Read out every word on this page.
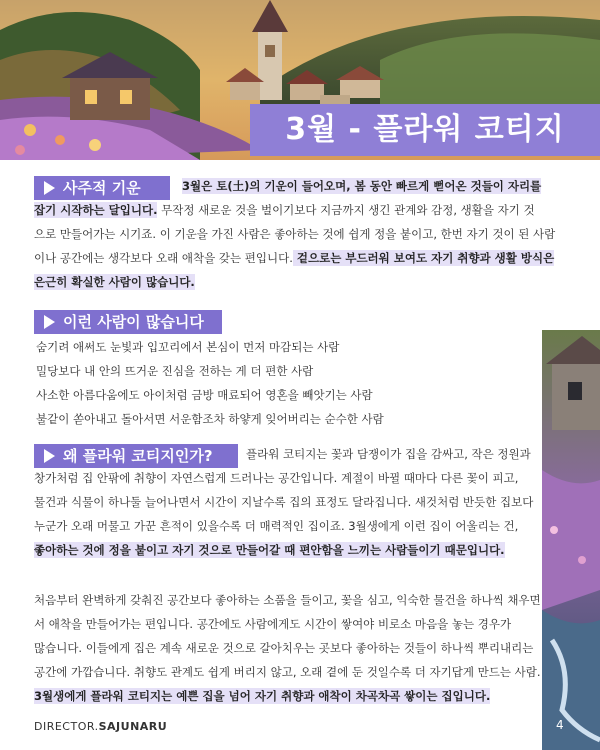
3월 - 플라워 코티지
사주적 기운	3월은 토(土)의 기운이 들어오며, 봄 동안 빠르게 뻗어온 것들이 자리를
잡기 시작하는 달입니다. 무작정 새로운 것을 벌이기보다 지금까지 생긴 관계와 감정, 생활을 자기 것
으로 만들어가는 시기죠. 이 기운을 가진 사람은 좋아하는 것에 쉽게 정을 붙이고, 한번 자기 것이 된 사람
이나 공간에는 생각보다 오래 애착을 갖는 편입니다. 겉으로는 부드러워 보여도 자기 취향과 생활 방식은
은근히 확실한 사람이 많습니다.
이런 사람이 많습니다
숨기려 애써도 눈빛과 입꼬리에서 본심이 먼저 마감되는 사람
밀당보다 내 안의 뜨거운 진심을 전하는 게 더 편한 사람
사소한 아름다움에도 아이처럼 금방 매료되어 영혼을 빼앗기는 사람
불같이 쏟아내고 돌아서면 서운함조차 하얗게 잊어버리는 순수한 사람
왜 플라워 코티지인가?	플라워 코티지는 꽃과 담쟁이가 집을 감싸고, 작은 정원과
창가처럼 집 안팎에 취향이 자연스럽게 드러나는 공간입니다. 계절이 바뀔 때마다 다른 꽃이 피고,
물건과 식물이 하나둘 늘어나면서 시간이 지날수록 집의 표정도 달라집니다. 새것처럼 반듯한 집보다
누군가 오래 머물고 가꾼 흔적이 있을수록 더 매력적인 집이죠. 3월생에게 이런 집이 어울리는 건,
좋아하는 것에 정을 붙이고 자기 것으로 만들어갈 때 편안함을 느끼는 사람들이기 때문입니다.
처음부터 완벽하게 갖춰진 공간보다 좋아하는 소품을 들이고, 꽃을 심고, 익숙한 물건을 하나씩 채우면
서 애착을 만들어가는 편입니다. 공간에도 사람에게도 시간이 쌓여야 비로소 마음을 놓는 경우가
많습니다. 이들에게 집은 계속 새로운 것으로 갈아치우는 곳보다 좋아하는 것들이 하나씩 뿌리내리는
공간에 가깝습니다. 취향도 관계도 쉽게 버리지 않고, 오래 곁에 둔 것일수록 더 자기답게 만드는 사람.
3월생에게 플라워 코티지는 예쁜 집을 넘어 자기 취향과 애착이 차곡차곡 쌓이는 집입니다.
DIRECTOR.SAJUNARU	4
